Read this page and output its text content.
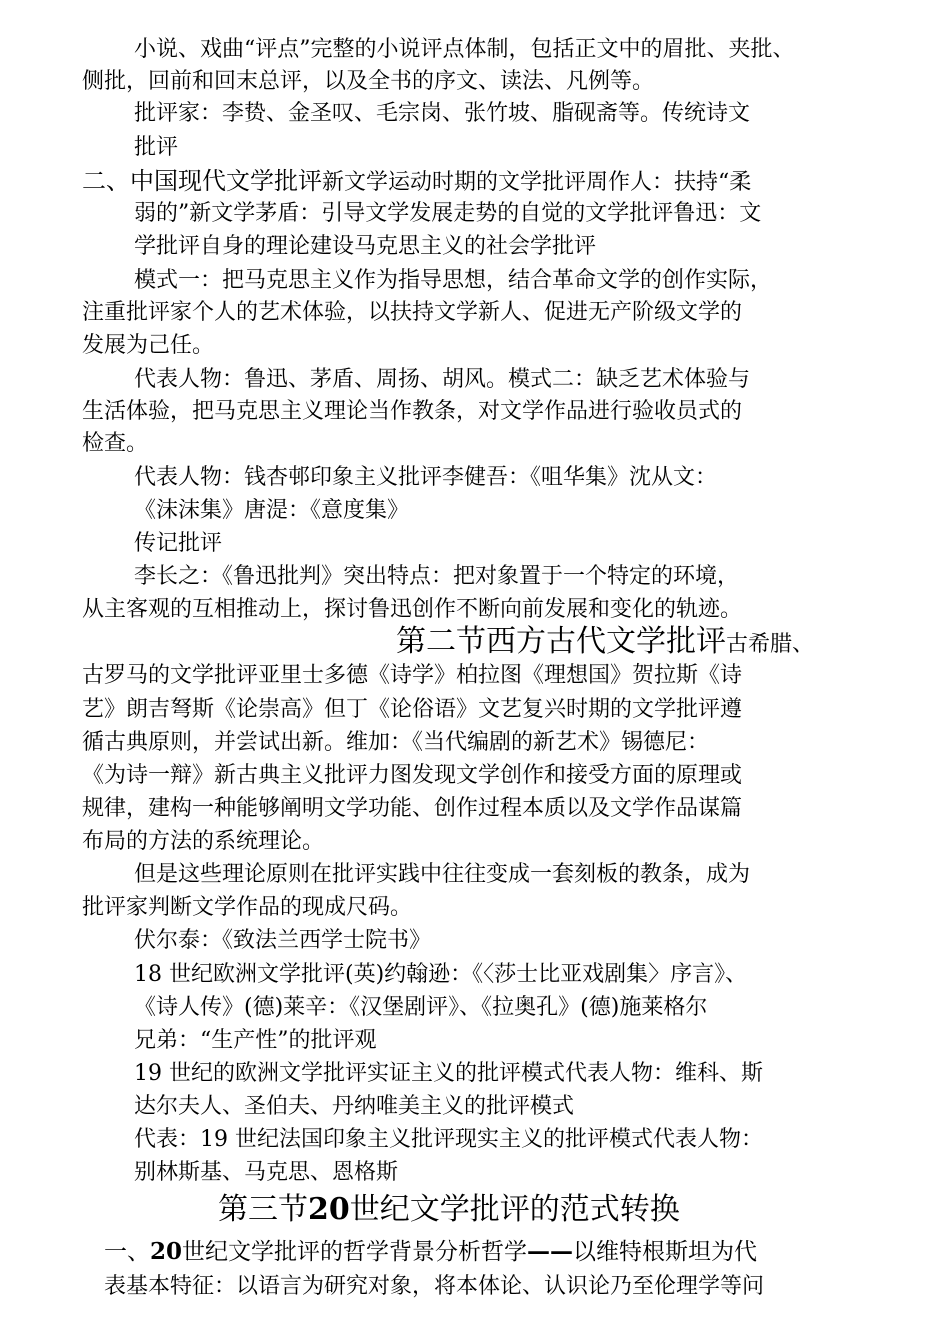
小说、戏曲“评点”完整的小说评点体制，包括正文中的眉批、夹批、
侧批，回前和回末总评，以及全书的序文、读法、凡例等。
批评家：李贽、金圣叹、毛宗岗、张竹坡、脂砚斋等。传统诗文
批评
二、中国现代文学批评新文学运动时期的文学批评周作人：扶持“柔
弱的”新文学茅盾：引导文学发展走势的自觉的文学批评鲁迅：文
学批评自身的理论建设马克思主义的社会学批评
模式一：把马克思主义作为指导思想，结合革命文学的创作实际，
注重批评家个人的艺术体验，以扶持文学新人、促进无产阶级文学的
发展为己任。
代表人物：鲁迅、茅盾、周扬、胡风。模式二：缺乏艺术体验与
生活体验，把马克思主义理论当作教条，对文学作品进行验收员式的
检查。
代表人物：钱杏邨印象主义批评李健吾：《咀华集》沈从文：
《沫沫集》唐湜：《意度集》
传记批评
李长之：《鲁迅批判》突出特点：把对象置于一个特定的环境，
从主客观的互相推动上，探讨鲁迅创作不断向前发展和变化的轨迹。
第二节西方古代文学批评古希腊、
古罗马的文学批评亚里士多德《诗学》柏拉图《理想国》贺拉斯《诗
艺》朗吉弩斯《论崇高》但丁《论俗语》文艺复兴时期的文学批评遵
循古典原则，并尝试出新。维加：《当代编剧的新艺术》锡德尼：
《为诗一辩》新古典主义批评力图发现文学创作和接受方面的原理或
规律，建构一种能够阐明文学功能、创作过程本质以及文学作品谋篇
布局的方法的系统理论。
但是这些理论原则在批评实践中往往变成一套刻板的教条，成为
批评家判断文学作品的现成尺码。
伏尔泰：《致法兰西学士院书》
18 世纪欧洲文学批评(英)约翰逊：《〈莎士比亚戏剧集〉序言》、
《诗人传》(德)莱辛：《汉堡剧评》、《拉奥孔》(德)施莱格尔
兄弟：“生产性”的批评观
19 世纪的欧洲文学批评实证主义的批评模式代表人物：维科、斯
达尔夫人、圣伯夫、丹纳唯美主义的批评模式
代表：19 世纪法国印象主义批评现实主义的批评模式代表人物：
别林斯基、马克思、恩格斯
第三节20世纪文学批评的范式转换
一、20世纪文学批评的哲学背景分析哲学——以维特根斯坦为代
表基本特征：以语言为研究对象，将本体论、认识论乃至伦理学等问
